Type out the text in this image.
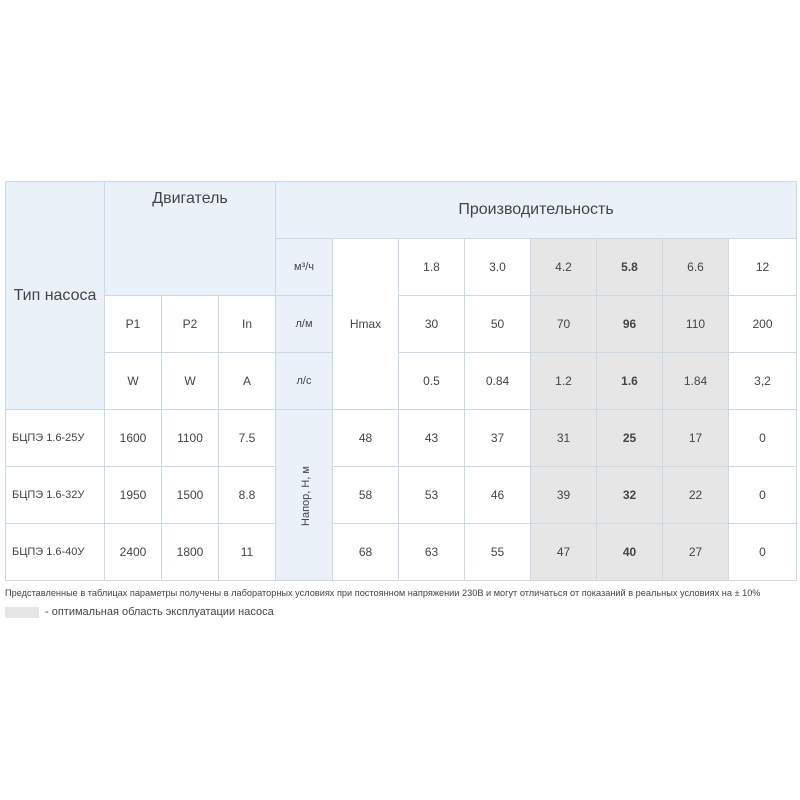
Тип насоса	Двигатель			Производительность							
				м³/ч	Hmax	1.8	3.0	4.2	5.8	6.6	12
	P1	P2	In	л/м		30	50	70	96	110	200
	W	W	A	л/с		0.5	0.84	1.2	1.6	1.84	3,2
БЦПЭ 1.6-25У	1600	1100	7.5	Напор, Н, м	48	43	37	31	25	17	0
БЦПЭ 1.6-32У	1950	1500	8.8		58	53	46	39	32	22	0
БЦПЭ 1.6-40У	2400	1800	11		68	63	55	47	40	27	0
Представленные в таблицах параметры получены в лабораторных условиях при постоянном напряжении 230В и могут отличаться от показаний в реальных условиях на ± 10%
- оптимальная область эксплуатации насоса
